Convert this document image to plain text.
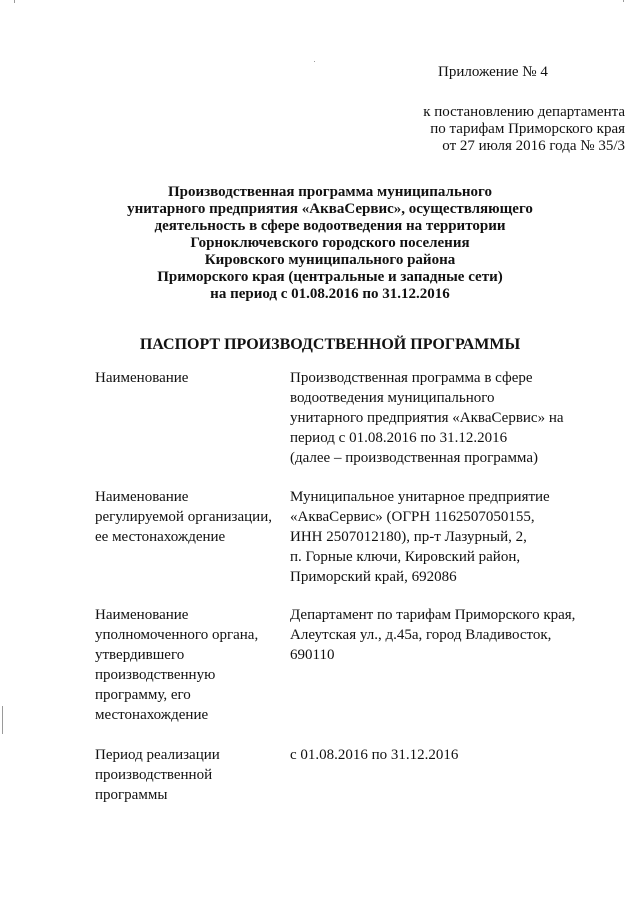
Приложение № 4
к постановлению департамента
по тарифам Приморского края
от 27 июля 2016 года № 35/3
Производственная программа муниципального
унитарного предприятия «АкваСервис», осуществляющего
деятельность в сфере водоотведения на территории
Горноключевского городского поселения
Кировского муниципального района
Приморского края (центральные и западные сети)
на период с 01.08.2016 по 31.12.2016
ПАСПОРТ ПРОИЗВОДСТВЕННОЙ ПРОГРАММЫ
Наименование	Производственная программа в сфере
водоотведения муниципального
унитарного предприятия «АкваСервис» на
период с 01.08.2016 по 31.12.2016
(далее – производственная программа)
Наименование
регулируемой организации,
ее местонахождение
Муниципальное унитарное предприятие
«АкваСервис» (ОГРН 1162507050155,
ИНН 2507012180), пр-т Лазурный, 2,
п. Горные ключи, Кировский район,
Приморский край, 692086
Наименование
уполномоченного органа,
утвердившего
производственную
программу, его
местонахождение
Департамент по тарифам Приморского края,
Алеутская ул., д.45а, город Владивосток,
690110
Период реализации
производственной
программы
с 01.08.2016 по 31.12.2016
